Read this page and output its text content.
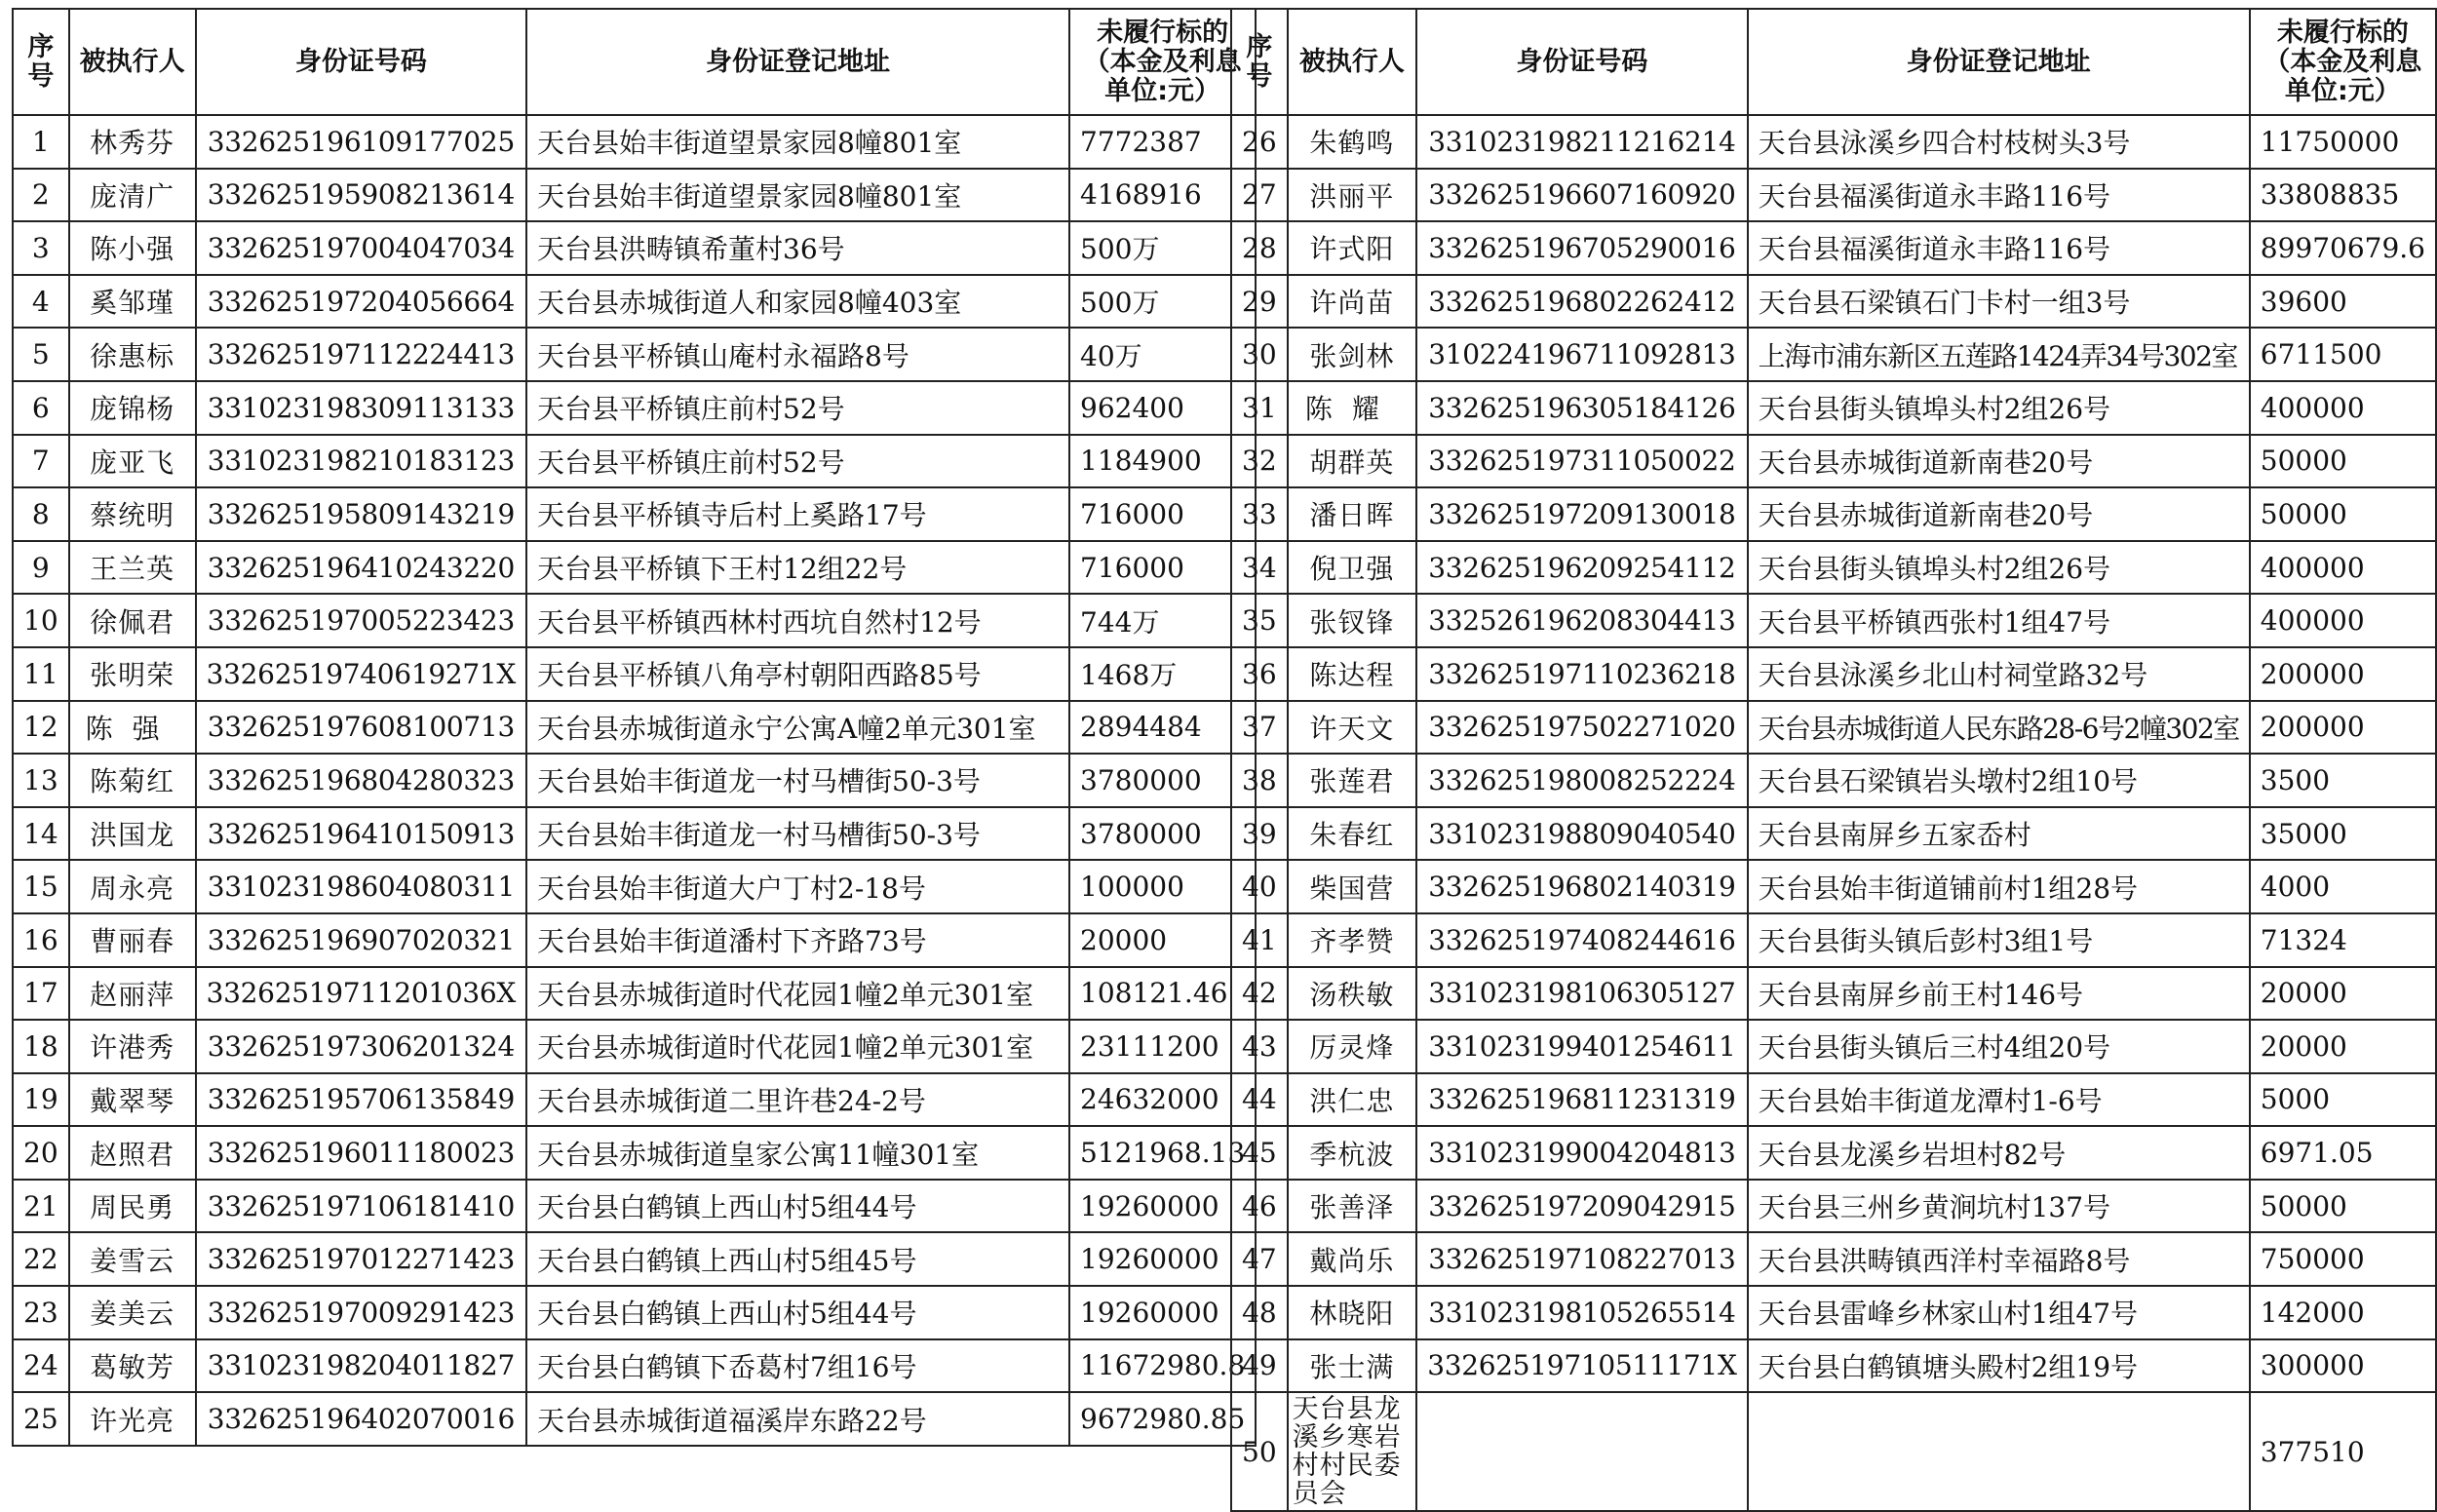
序号	被执行人	身份证号码	身份证登记地址	未履行标的（本金及利息单位:元）
1	林秀芬	332625196109177025	天台县始丰街道望景家园8幢801室	7772387
2	庞清广	332625195908213614	天台县始丰街道望景家园8幢801室	4168916
3	陈小强	332625197004047034	天台县洪畴镇希董村36号	500万
4	奚邹瑾	332625197204056664	天台县赤城街道人和家园8幢403室	500万
5	徐惠标	332625197112224413	天台县平桥镇山庵村永福路8号	40万
6	庞锦杨	331023198309113133	天台县平桥镇庄前村52号	962400
7	庞亚飞	331023198210183123	天台县平桥镇庄前村52号	1184900
8	蔡统明	332625195809143219	天台县平桥镇寺后村上奚路17号	716000
9	王兰英	332625196410243220	天台县平桥镇下王村12组22号	716000
10	徐佩君	332625197005223423	天台县平桥镇西林村西坑自然村12号	744万
11	张明荣	33262519740619271X	天台县平桥镇八角亭村朝阳西路85号	1468万
12	陈强	332625197608100713	天台县赤城街道永宁公寓A幢2单元301室	2894484
13	陈菊红	332625196804280323	天台县始丰街道龙一村马槽街50-3号	3780000
14	洪国龙	332625196410150913	天台县始丰街道龙一村马槽街50-3号	3780000
15	周永亮	331023198604080311	天台县始丰街道大户丁村2-18号	100000
16	曹丽春	332625196907020321	天台县始丰街道潘村下齐路73号	20000
17	赵丽萍	33262519711201036X	天台县赤城街道时代花园1幢2单元301室	108121.46
18	许港秀	332625197306201324	天台县赤城街道时代花园1幢2单元301室	23111200
19	戴翠琴	332625195706135849	天台县赤城街道二里许巷24-2号	24632000
20	赵照君	332625196011180023	天台县赤城街道皇家公寓11幢301室	5121968.13
21	周民勇	332625197106181410	天台县白鹤镇上西山村5组44号	19260000
22	姜雪云	332625197012271423	天台县白鹤镇上西山村5组45号	19260000
23	姜美云	332625197009291423	天台县白鹤镇上西山村5组44号	19260000
24	葛敏芳	331023198204011827	天台县白鹤镇下岙葛村7组16号	11672980.8
25	许光亮	332625196402070016	天台县赤城街道福溪岸东路22号	9672980.85
序号	被执行人	身份证号码	身份证登记地址	未履行标的（本金及利息单位:元）
26	朱鹤鸣	331023198211216214	天台县泳溪乡四合村枝树头3号	11750000
27	洪丽平	332625196607160920	天台县福溪街道永丰路116号	33808835
28	许式阳	332625196705290016	天台县福溪街道永丰路116号	89970679.6
29	许尚苗	332625196802262412	天台县石梁镇石门卡村一组3号	39600
30	张剑林	310224196711092813	上海市浦东新区五莲路1424弄34号302室	6711500
31	陈耀	332625196305184126	天台县街头镇埠头村2组26号	400000
32	胡群英	332625197311050022	天台县赤城街道新南巷20号	50000
33	潘日晖	332625197209130018	天台县赤城街道新南巷20号	50000
34	倪卫强	332625196209254112	天台县街头镇埠头村2组26号	400000
35	张钗锋	332526196208304413	天台县平桥镇西张村1组47号	400000
36	陈达程	332625197110236218	天台县泳溪乡北山村祠堂路32号	200000
37	许天文	332625197502271020	天台县赤城街道人民东路28-6号2幢302室	200000
38	张莲君	332625198008252224	天台县石梁镇岩头墩村2组10号	3500
39	朱春红	331023198809040540	天台县南屏乡五家岙村	35000
40	柴国营	332625196802140319	天台县始丰街道铺前村1组28号	4000
41	齐孝赞	332625197408244616	天台县街头镇后彭村3组1号	71324
42	汤秩敏	331023198106305127	天台县南屏乡前王村146号	20000
43	厉灵烽	331023199401254611	天台县街头镇后三村4组20号	20000
44	洪仁忠	332625196811231319	天台县始丰街道龙潭村1-6号	5000
45	季杭波	331023199004204813	天台县龙溪乡岩坦村82号	6971.05
46	张善泽	332625197209042915	天台县三州乡黄涧坑村137号	50000
47	戴尚乐	332625197108227013	天台县洪畴镇西洋村幸福路8号	750000
48	林晓阳	331023198105265514	天台县雷峰乡林家山村1组47号	142000
49	张士满	33262519710511171X	天台县白鹤镇塘头殿村2组19号	300000
50	天台县龙溪乡寒岩村村民委员会			377510
